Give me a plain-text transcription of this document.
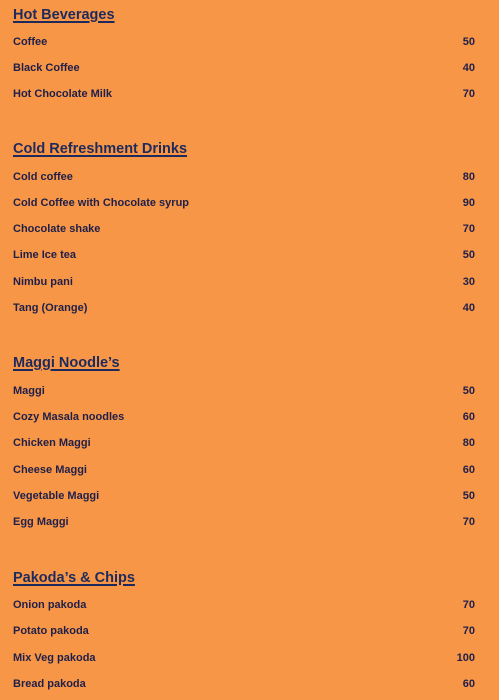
Hot Beverages
Coffee	50
Black Coffee	40
Hot Chocolate Milk	70
Cold Refreshment Drinks
Cold coffee	80
Cold Coffee with Chocolate syrup	90
Chocolate shake	70
Lime Ice tea	50
Nimbu pani	30
Tang (Orange)	40
Maggi Noodle’s
Maggi	50
Cozy Masala noodles	60
Chicken Maggi	80
Cheese Maggi	60
Vegetable Maggi	50
Egg Maggi	70
Pakoda’s & Chips
Onion pakoda	70
Potato pakoda	70
Mix Veg pakoda	100
Bread pakoda	60
